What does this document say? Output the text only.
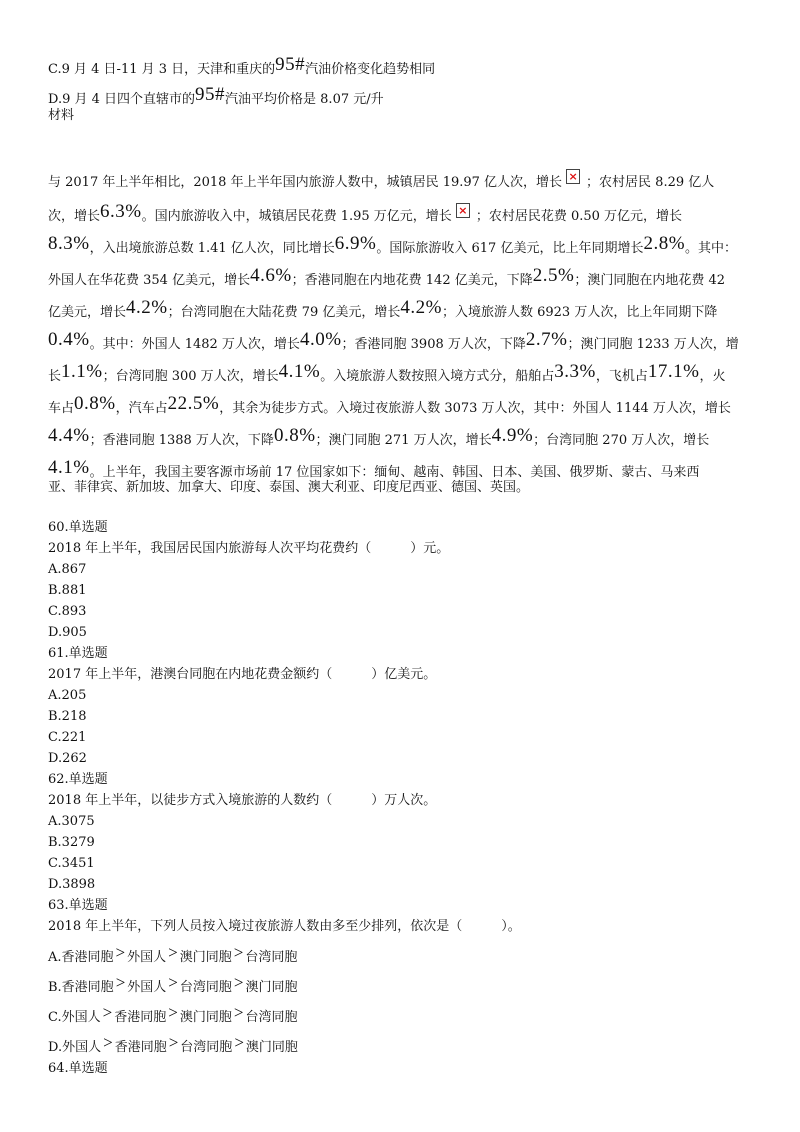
C.9 月 4 日-11 月 3 日，天津和重庆的95#汽油价格变化趋势相同
D.9 月 4 日四个直辖市的95#汽油平均价格是 8.07 元/升
材料
与 2017 年上半年相比，2018 年上半年国内旅游人数中，城镇居民 19.97 亿人次，增长 × ；农村居民 8.29 亿人
次，增长6.3%。国内旅游收入中，城镇居民花费 1.95 万亿元，增长 × ；农村居民花费 0.50 万亿元，增长
8.3%，入出境旅游总数 1.41 亿人次，同比增长6.9%。国际旅游收入 617 亿美元，比上年同期增长2.8%。其中：
外国人在华花费 354 亿美元，增长4.6%；香港同胞在内地花费 142 亿美元，下降2.5%；澳门同胞在内地花费 42
亿美元，增长4.2%；台湾同胞在大陆花费 79 亿美元，增长4.2%；入境旅游人数 6923 万人次，比上年同期下降
0.4%。其中：外国人 1482 万人次，增长4.0%；香港同胞 3908 万人次，下降2.7%；澳门同胞 1233 万人次，增
长1.1%；台湾同胞 300 万人次，增长4.1%。入境旅游人数按照入境方式分，船舶占3.3%，飞机占17.1%，火
车占0.8%，汽车占22.5%，其余为徒步方式。入境过夜旅游人数 3073 万人次，其中：外国人 1144 万人次，增长
4.4%；香港同胞 1388 万人次，下降0.8%；澳门同胞 271 万人次，增长4.9%；台湾同胞 270 万人次，增长
4.1%。上半年，我国主要客源市场前 17 位国家如下：缅甸、越南、韩国、日本、美国、俄罗斯、蒙古、马来西
亚、菲律宾、新加坡、加拿大、印度、泰国、澳大利亚、印度尼西亚、德国、英国。
60.单选题
2018 年上半年，我国居民国内旅游每人次平均花费约（　　　）元。
A.867
B.881
C.893
D.905
61.单选题
2017 年上半年，港澳台同胞在内地花费金额约（　　　）亿美元。
A.205
B.218
C.221
D.262
62.单选题
2018 年上半年，以徒步方式入境旅游的人数约（　　　）万人次。
A.3075
B.3279
C.3451
D.3898
63.单选题
2018 年上半年，下列人员按入境过夜旅游人数由多至少排列，依次是（　　　）。
A.香港同胞 > 外国人 > 澳门同胞 > 台湾同胞
B.香港同胞 > 外国人 > 台湾同胞 > 澳门同胞
C.外国人 > 香港同胞 > 澳门同胞 > 台湾同胞
D.外国人 > 香港同胞 > 台湾同胞 > 澳门同胞
64.单选题
